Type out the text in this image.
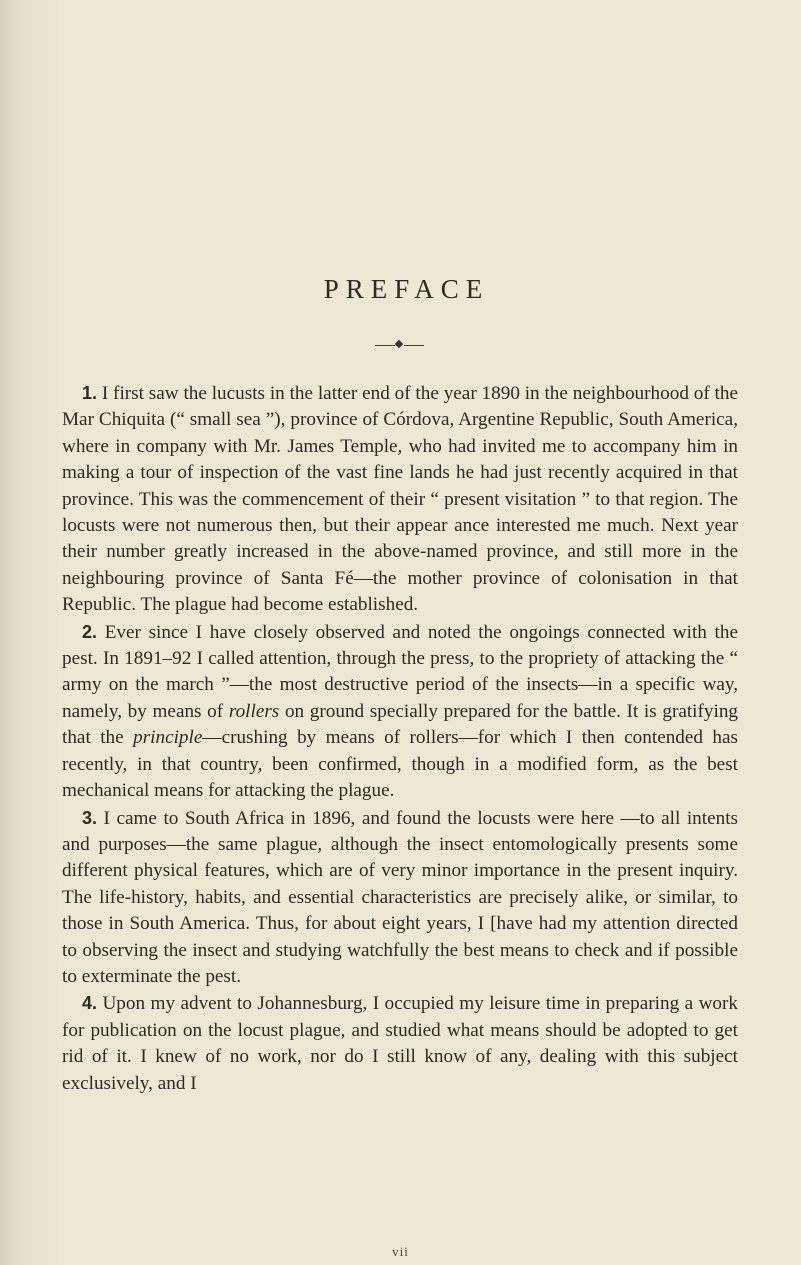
PREFACE

1. I first saw the lucusts in the latter end of the year 1890 in the neighbourhood of the Mar Chiquita (“ small sea ”), province of Córdova, Argentine Republic, South America, where in company with Mr. James Temple, who had invited me to accompany him in making a tour of inspection of the vast fine lands he had just recently acquired in that province. This was the commencement of their “ present visitation ” to that region. The locusts were not numerous then, but their appear ance interested me much. Next year their number greatly increased in the above-named province, and still more in the neighbouring province of Santa Fé—the mother province of colonisation in that Republic. The plague had become established.

2. Ever since I have closely observed and noted the ongoings connected with the pest. In 1891–92 I called attention, through the press, to the propriety of attacking the “ army on the march ”—the most destructive period of the insects—in a specific way, namely, by means of rollers on ground specially prepared for the battle. It is gratifying that the principle—crushing by means of rollers—for which I then contended has recently, in that country, been confirmed, though in a modified form, as the best mechanical means for attacking the plague.

3. I came to South Africa in 1896, and found the locusts were here —to all intents and purposes—the same plague, although the insect entomologically presents some different physical features, which are of very minor importance in the present inquiry. The life-history, habits, and essential characteristics are precisely alike, or similar, to those in South America. Thus, for about eight years, I [have had my attention directed to observing the insect and studying watchfully the best means to check and if possible to exterminate the pest.

4. Upon my advent to Johannesburg, I occupied my leisure time in preparing a work for publication on the locust plague, and studied what means should be adopted to get rid of it. I knew of no work, nor do I still know of any, dealing with this subject exclusively, and I

vii
